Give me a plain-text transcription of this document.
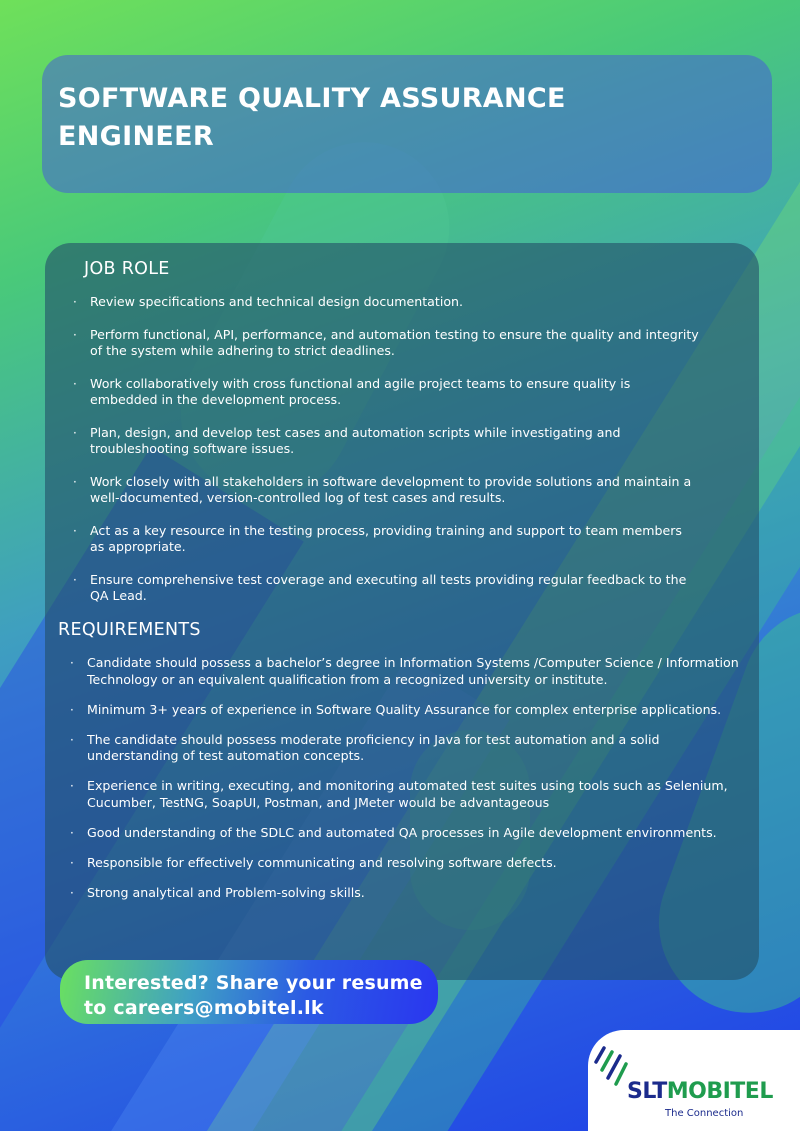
SOFTWARE QUALITY ASSURANCE ENGINEER
JOB ROLE
· Review specifications and technical design documentation.
· Perform functional, API, performance, and automation testing to ensure the quality and integrity of the system while adhering to strict deadlines.
· Work collaboratively with cross functional and agile project teams to ensure quality is embedded in the development process.
· Plan, design, and develop test cases and automation scripts while investigating and troubleshooting software issues.
· Work closely with all stakeholders in software development to provide solutions and maintain a well-documented, version-controlled log of test cases and results.
· Act as a key resource in the testing process, providing training and support to team members as appropriate.
· Ensure comprehensive test coverage and executing all tests providing regular feedback to the QA Lead.
REQUIREMENTS
· Candidate should possess a bachelor’s degree in Information Systems /Computer Science / Information Technology or an equivalent qualification from a recognized university or institute.
· Minimum 3+ years of experience in Software Quality Assurance for complex enterprise applications.
· The candidate should possess moderate proficiency in Java for test automation and a solid understanding of test automation concepts.
· Experience in writing, executing, and monitoring automated test suites using tools such as Selenium, Cucumber, TestNG, SoapUI, Postman, and JMeter would be advantageous
· Good understanding of the SDLC and automated QA processes in Agile development environments.
· Responsible for effectively communicating and resolving software defects.
· Strong analytical and Problem-solving skills.

Interested? Share your resume

to careers@mobitel.lk

SLTMOBITEL

The Connection
